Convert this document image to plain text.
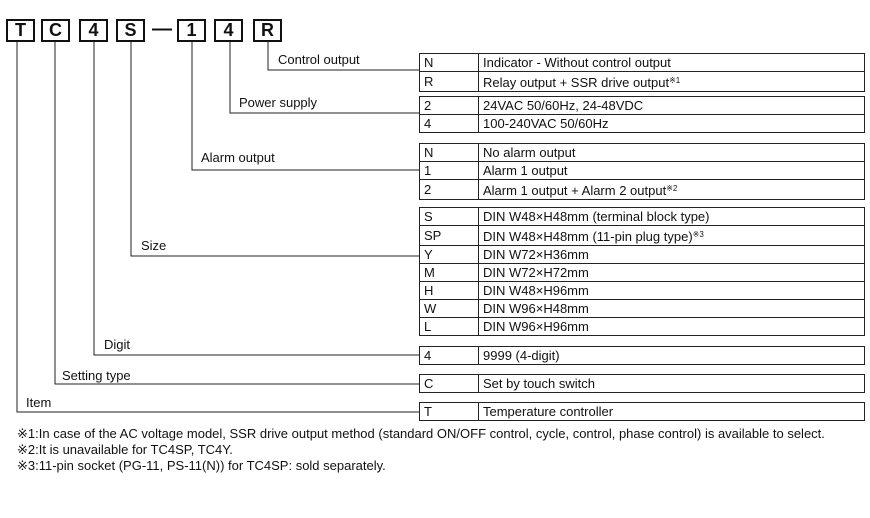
T C 4 S — 1 4 R
Control output
Power supply
Alarm output
Size
Digit
Setting type
Item
N	Indicator - Without control output
R	Relay output + SSR drive output$^{※1}$
2	24VAC 50/60Hz, 24-48VDC
4	100-240VAC 50/60Hz
N	No alarm output
1	Alarm 1 output
2	Alarm 1 output + Alarm 2 output$^{※2}$
S	DIN W48×H48mm (terminal block type)
SP	DIN W48×H48mm (11-pin plug type)$^{※3}$
Y	DIN W72×H36mm
M	DIN W72×H72mm
H	DIN W48×H96mm
W	DIN W96×H48mm
L	DIN W96×H96mm
4	9999 (4-digit)
C	Set by touch switch
T	Temperature controller
※1: In case of the AC voltage model, SSR drive output method (standard ON/OFF control, cycle, control, phase control) is available to select.
※2: It is unavailable for TC4SP, TC4Y.
※3: 11-pin socket (PG-11, PS-11(N)) for TC4SP: sold separately.
